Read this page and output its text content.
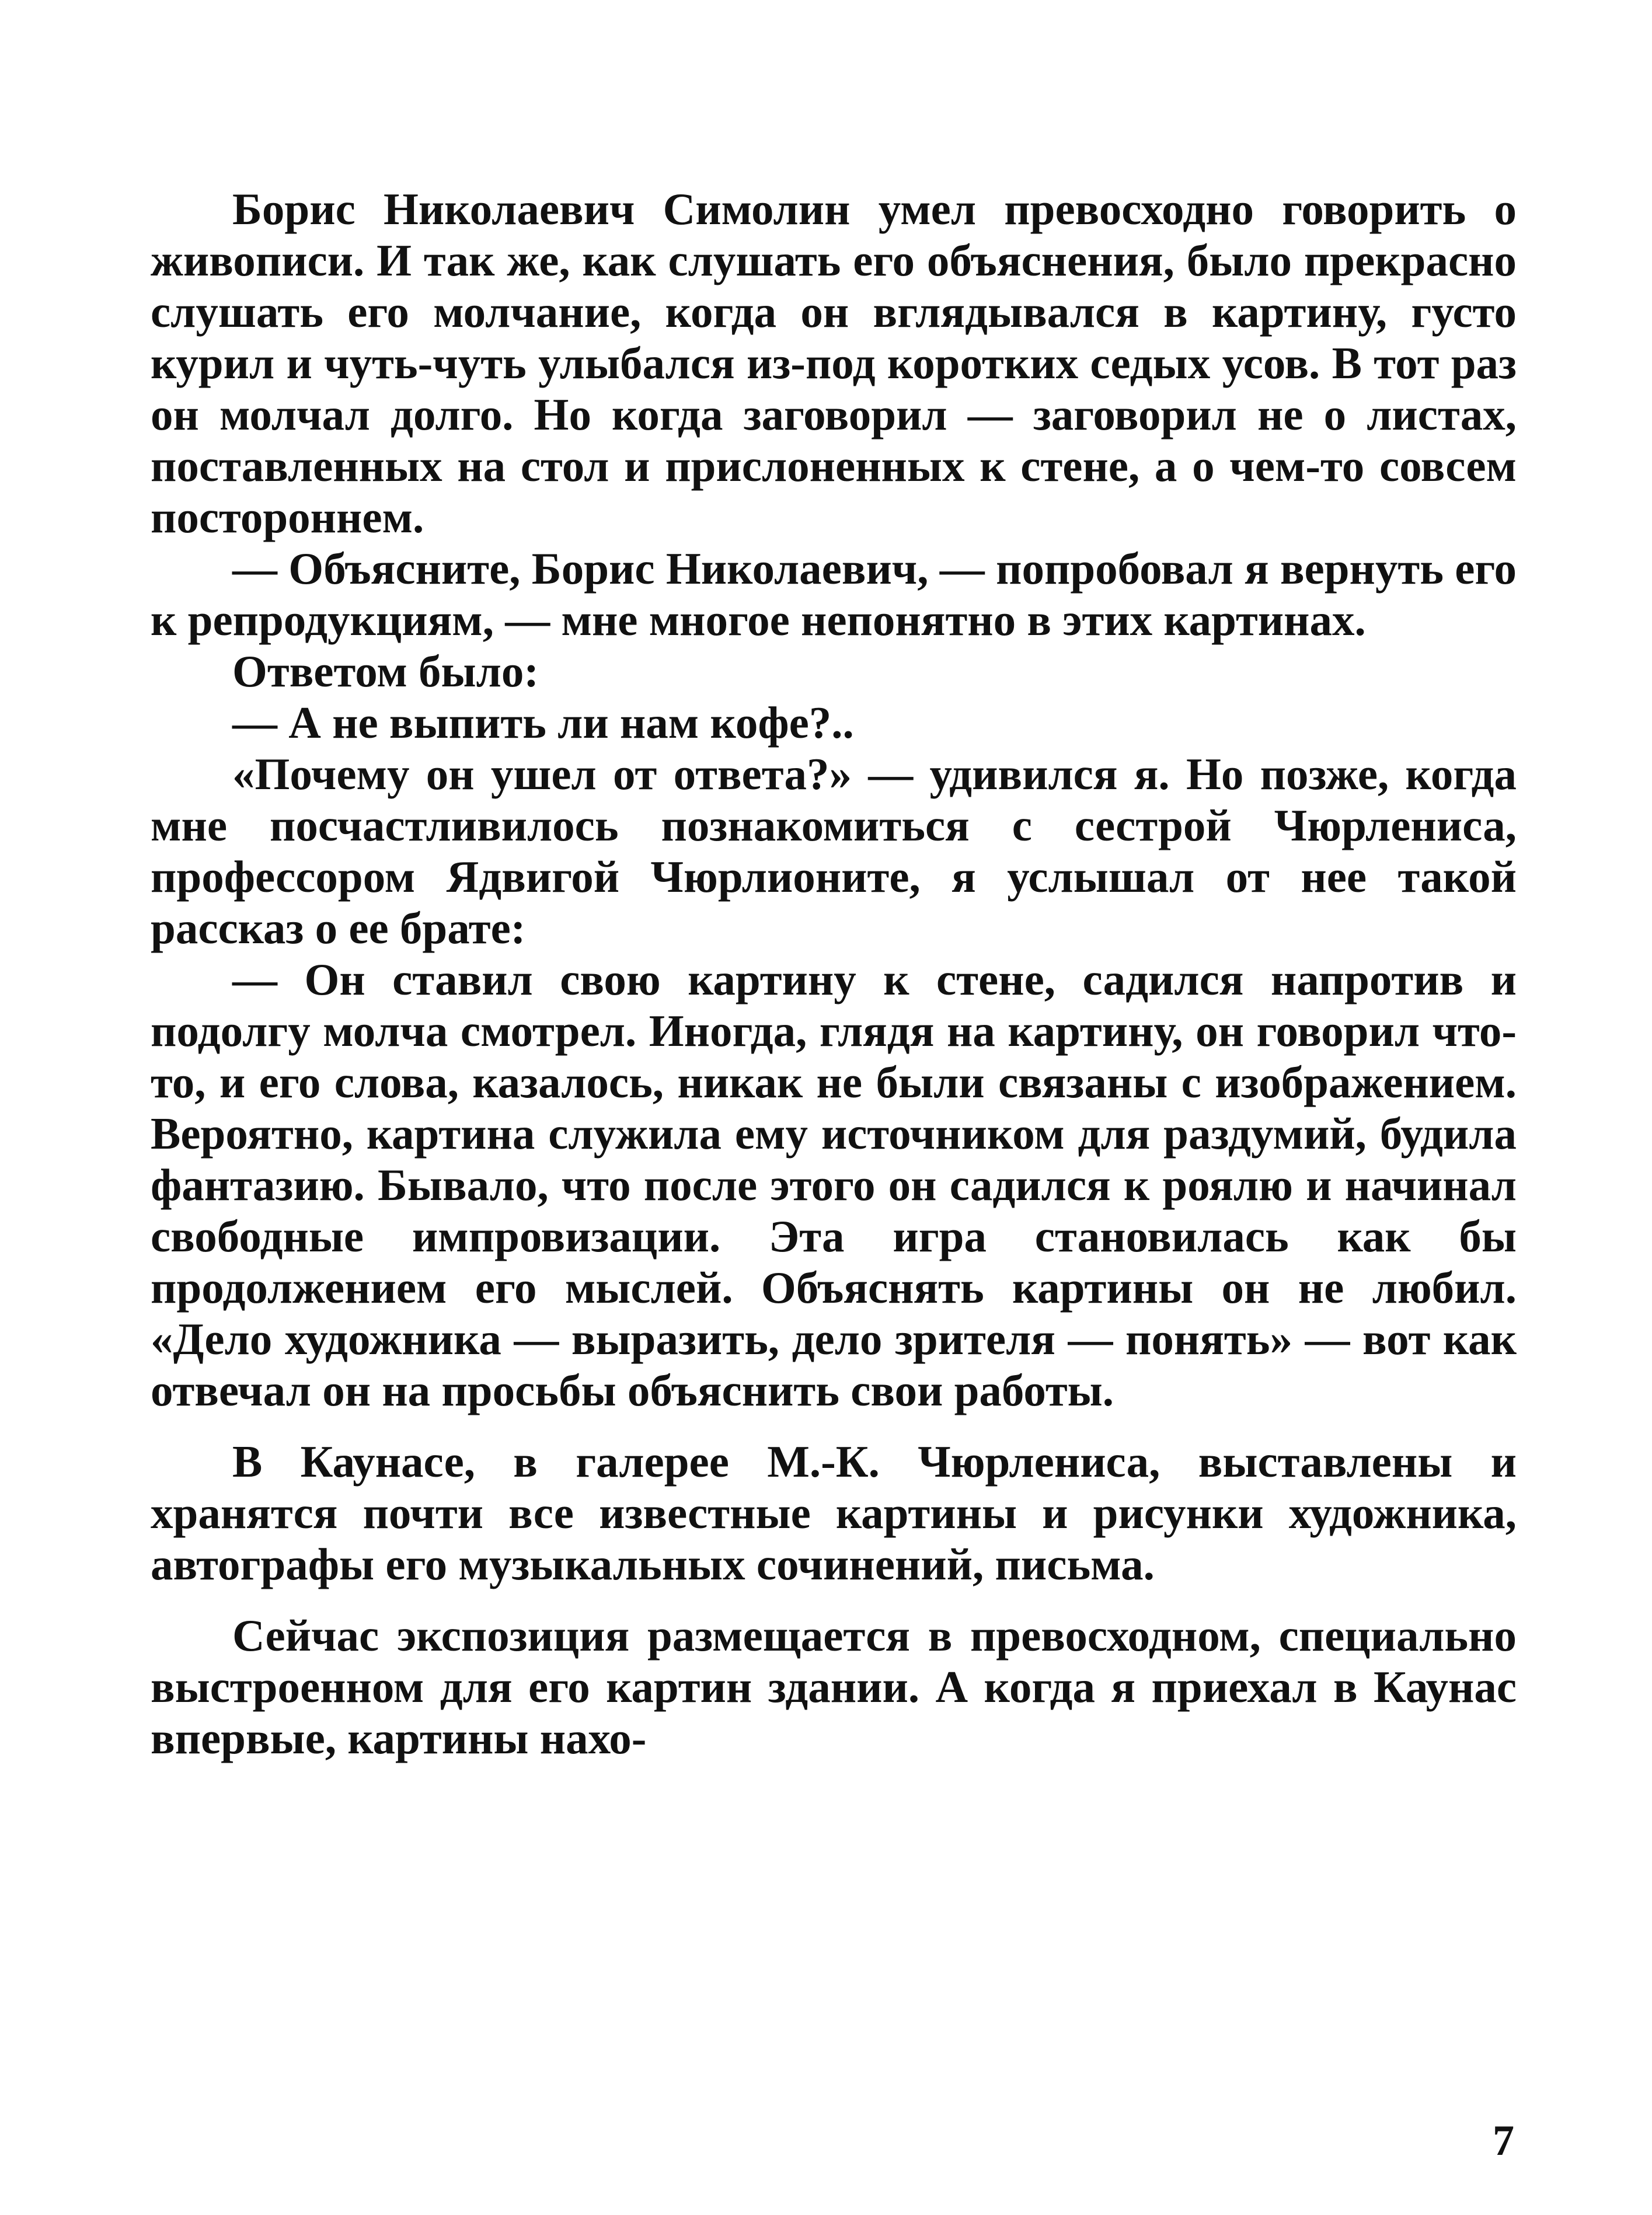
Борис Николаевич Симолин умел превосходно говорить о живописи. И так же, как слушать его объяснения, было прекрасно слушать его молчание, когда он вглядывался в картину, густо курил и чуть-чуть улыбался из-под коротких седых усов. В тот раз он молчал долго. Но когда заговорил — заговорил не о листах, поставленных на стол и прислоненных к стене, а о чем-то совсем постороннем.

— Объясните, Борис Николаевич, — попробовал я вернуть его к репродукциям, — мне многое непонятно в этих картинах.

Ответом было:

— А не выпить ли нам кофе?..

«Почему он ушел от ответа?» — удивился я. Но позже, когда мне посчастливилось познакомиться с сестрой Чюрлениса, профессором Ядвигой Чюрлионите, я услышал от нее такой рассказ о ее брате:

— Он ставил свою картину к стене, садился напротив и подолгу молча смотрел. Иногда, глядя на картину, он говорил что-то, и его слова, казалось, никак не были связаны с изображением. Вероятно, картина служила ему источником для раздумий, будила фантазию. Бывало, что после этого он садился к роялю и начинал свободные импровизации. Эта игра становилась как бы продолжением его мыслей. Объяснять картины он не любил. «Дело художника — выразить, дело зрителя — понять» — вот как отвечал он на просьбы объяснить свои работы.

В Каунасе, в галерее М.-К. Чюрлениса, выставлены и хранятся почти все известные картины и рисунки художника, автографы его музыкальных сочинений, письма.

Сейчас экспозиция размещается в превосходном, специально выстроенном для его картин здании. А когда я приехал в Каунас впервые, картины нахо-

7
